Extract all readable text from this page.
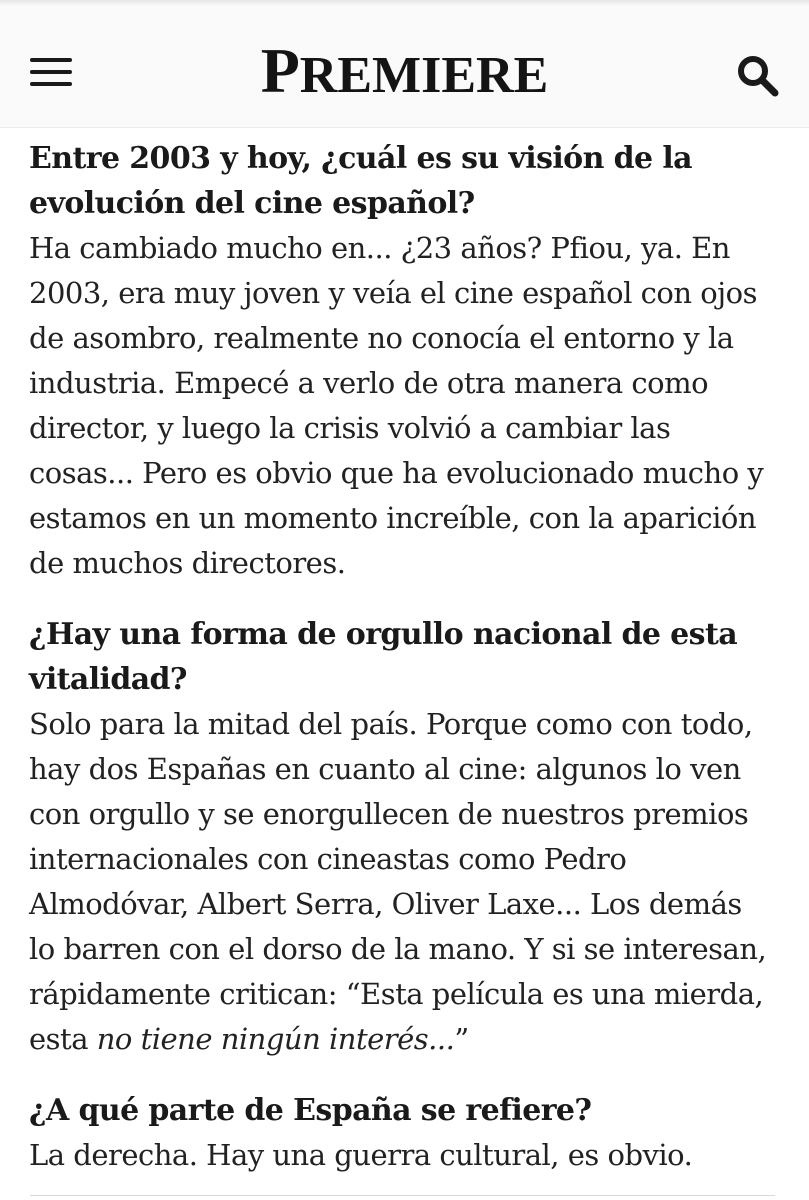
PREMIERE

Entre 2003 y hoy, ¿cuál es su visión de la evolución del cine español?

Ha cambiado mucho en... ¿23 años? Pfiou, ya. En 2003, era muy joven y veía el cine español con ojos de asombro, realmente no conocía el entorno y la industria. Empecé a verlo de otra manera como director, y luego la crisis volvió a cambiar las cosas... Pero es obvio que ha evolucionado mucho y estamos en un momento increíble, con la aparición de muchos directores.

¿Hay una forma de orgullo nacional de esta vitalidad?

Solo para la mitad del país. Porque como con todo, hay dos Españas en cuanto al cine: algunos lo ven con orgullo y se enorgullecen de nuestros premios internacionales con cineastas como Pedro Almodóvar, Albert Serra, Oliver Laxe... Los demás lo barren con el dorso de la mano. Y si se interesan, rápidamente critican: “Esta película es una mierda, esta no tiene ningún interés...”

¿A qué parte de España se refiere?

La derecha. Hay una guerra cultural, es obvio.
